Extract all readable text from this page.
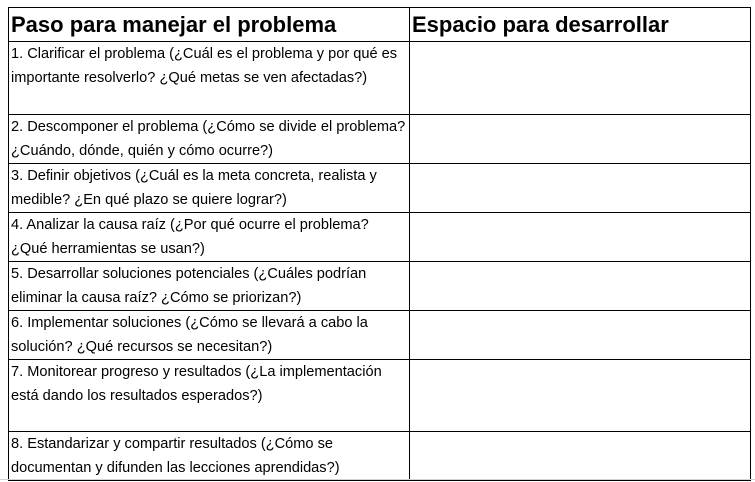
Paso para manejar el problema	Espacio para desarrollar
1. Clarificar el problema (¿Cuál es el problema y por qué es importante resolverlo? ¿Qué metas se ven afectadas?)	
2. Descomponer el problema (¿Cómo se divide el problema? ¿Cuándo, dónde, quién y cómo ocurre?)	
3. Definir objetivos (¿Cuál es la meta concreta, realista y medible? ¿En qué plazo se quiere lograr?)	
4. Analizar la causa raíz (¿Por qué ocurre el problema? ¿Qué herramientas se usan?)	
5. Desarrollar soluciones potenciales (¿Cuáles podrían eliminar la causa raíz? ¿Cómo se priorizan?)	
6. Implementar soluciones (¿Cómo se llevará a cabo la solución? ¿Qué recursos se necesitan?)	
7. Monitorear progreso y resultados (¿La implementación está dando los resultados esperados?)	
8. Estandarizar y compartir resultados (¿Cómo se documentan y difunden las lecciones aprendidas?)	
